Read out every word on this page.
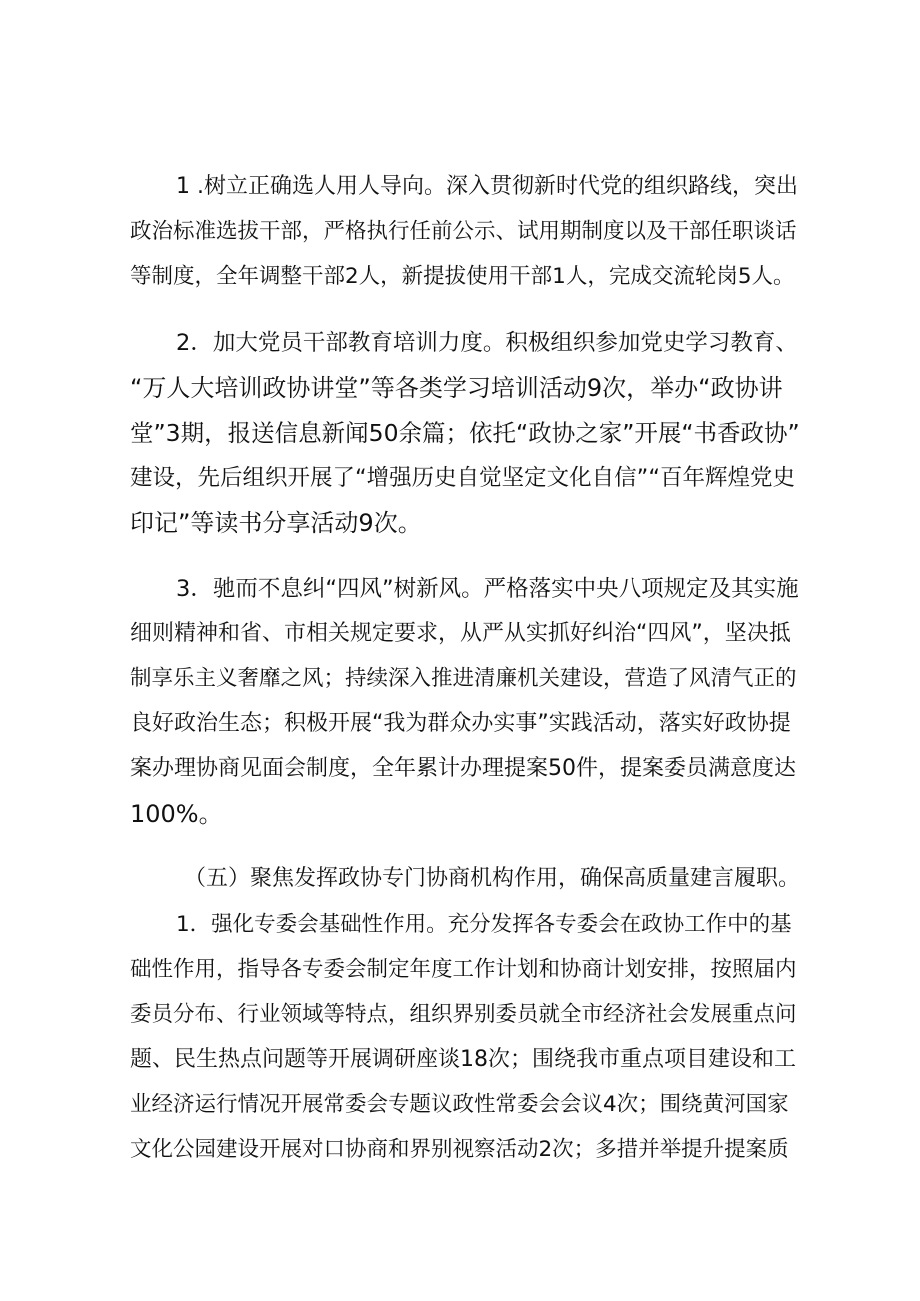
1 .树立正确选人用人导向。深入贯彻新时代党的组织路线，突出
政治标准选拔干部，严格执行任前公示、试用期制度以及干部任职谈话
等制度，全年调整干部2人，新提拔使用干部1人，完成交流轮岗5人。
2．加大党员干部教育培训力度。积极组织参加党史学习教育、
“万人大培训政协讲堂”等各类学习培训活动9次，举办“政协讲
堂”3期，报送信息新闻50余篇；依托“政协之家”开展“书香政协”
建设，先后组织开展了“增强历史自觉坚定文化自信”“百年辉煌党史
印记”等读书分享活动9次。
3．驰而不息纠“四风”树新风。严格落实中央八项规定及其实施
细则精神和省、市相关规定要求，从严从实抓好纠治“四风”，坚决抵
制享乐主义奢靡之风；持续深入推进清廉机关建设，营造了风清气正的
良好政治生态；积极开展“我为群众办实事”实践活动，落实好政协提
案办理协商见面会制度，全年累计办理提案50件，提案委员满意度达
100%。
（五）聚焦发挥政协专门协商机构作用，确保高质量建言履职。
1．强化专委会基础性作用。充分发挥各专委会在政协工作中的基
础性作用，指导各专委会制定年度工作计划和协商计划安排，按照届内
委员分布、行业领域等特点，组织界别委员就全市经济社会发展重点问
题、民生热点问题等开展调研座谈18次；围绕我市重点项目建设和工
业经济运行情况开展常委会专题议政性常委会会议4次；围绕黄河国家
文化公园建设开展对口协商和界别视察活动2次；多措并举提升提案质
